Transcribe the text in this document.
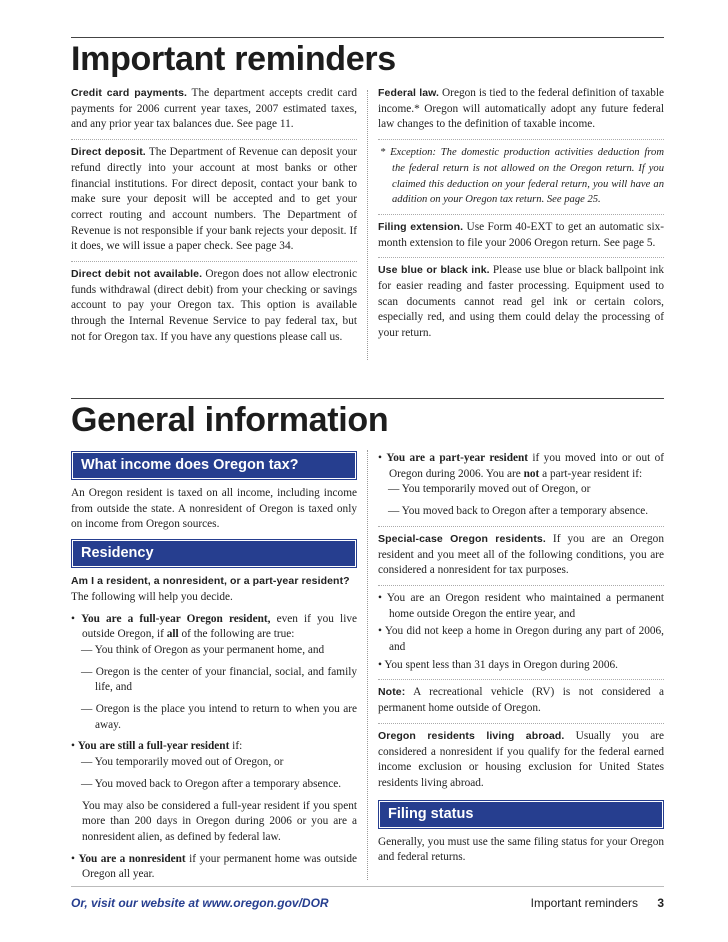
Important reminders

Credit card payments. The department accepts credit card payments for 2006 current year taxes, 2007 estimated taxes, and any prior year tax balances due. See page 11.

Direct deposit. The Department of Revenue can deposit your refund directly into your account at most banks or other financial institutions. For direct deposit, contact your bank to make sure your deposit will be accepted and to get your correct routing and account numbers. The Department of Revenue is not responsible if your bank rejects your deposit. If it does, we will issue a paper check. See page 34.

Direct debit not available. Oregon does not allow electronic funds withdrawal (direct debit) from your checking or savings account to pay your Oregon tax. This option is available through the Internal Revenue Service to pay federal tax, but not for Oregon tax. If you have any questions please call us.

Federal law. Oregon is tied to the federal definition of taxable income.* Oregon will automatically adopt any future federal law changes to the definition of taxable income.

* Exception: The domestic production activities deduction from the federal return is not allowed on the Oregon return. If you claimed this deduction on your federal return, you will have an addition on your Oregon tax return. See page 25.

Filing extension. Use Form 40-EXT to get an automatic six-month extension to file your 2006 Oregon return. See page 5.

Use blue or black ink. Please use blue or black ballpoint ink for easier reading and faster processing. Equipment used to scan documents cannot read gel ink or certain colors, especially red, and using them could delay the processing of your return.

General information
What income does Oregon tax?

An Oregon resident is taxed on all income, including income from outside the state. A nonresident of Oregon is taxed only on income from Oregon sources.

Residency

Am I a resident, a nonresident, or a part-year resident?

The following will help you decide.

• You are a full-year Oregon resident, even if you live outside Oregon, if all of the following are true:

— You think of Oregon as your permanent home, and

— Oregon is the center of your financial, social, and family life, and

— Oregon is the place you intend to return to when you are away.

• You are still a full-year resident if:

— You temporarily moved out of Oregon, or

— You moved back to Oregon after a temporary absence.

You may also be considered a full-year resident if you spent more than 200 days in Oregon during 2006 or you are a nonresident alien, as defined by federal law.

• You are a nonresident if your permanent home was outside Oregon all year.

• You are a part-year resident if you moved into or out of Oregon during 2006. You are not a part-year resident if:

— You temporarily moved out of Oregon, or

— You moved back to Oregon after a temporary absence.

Special-case Oregon residents. If you are an Oregon resident and you meet all of the following conditions, you are considered a nonresident for tax purposes.

• You are an Oregon resident who maintained a permanent home outside Oregon the entire year, and

• You did not keep a home in Oregon during any part of 2006, and

• You spent less than 31 days in Oregon during 2006.

Note: A recreational vehicle (RV) is not considered a permanent home outside of Oregon.

Oregon residents living abroad. Usually you are considered a nonresident if you qualify for the federal earned income exclusion or housing exclusion for United States residents living abroad.

Filing status

Generally, you must use the same filing status for your Oregon and federal returns.

Or, visit our website at www.oregon.gov/DOR	Important reminders 3
